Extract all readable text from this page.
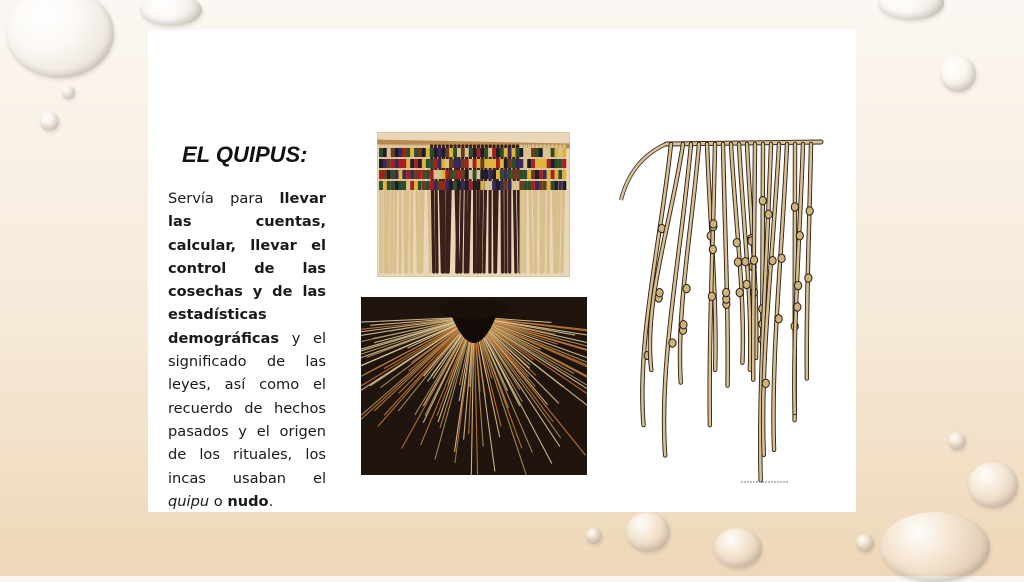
EL QUIPUS:
Servía para llevar las cuentas, calcular, llevar el control de las cosechas y de las estadísticas demográficas y el significado de las leyes, así como el recuerdo de hechos pasados y el origen de los rituales, los incas usaban el quipu o nudo.
